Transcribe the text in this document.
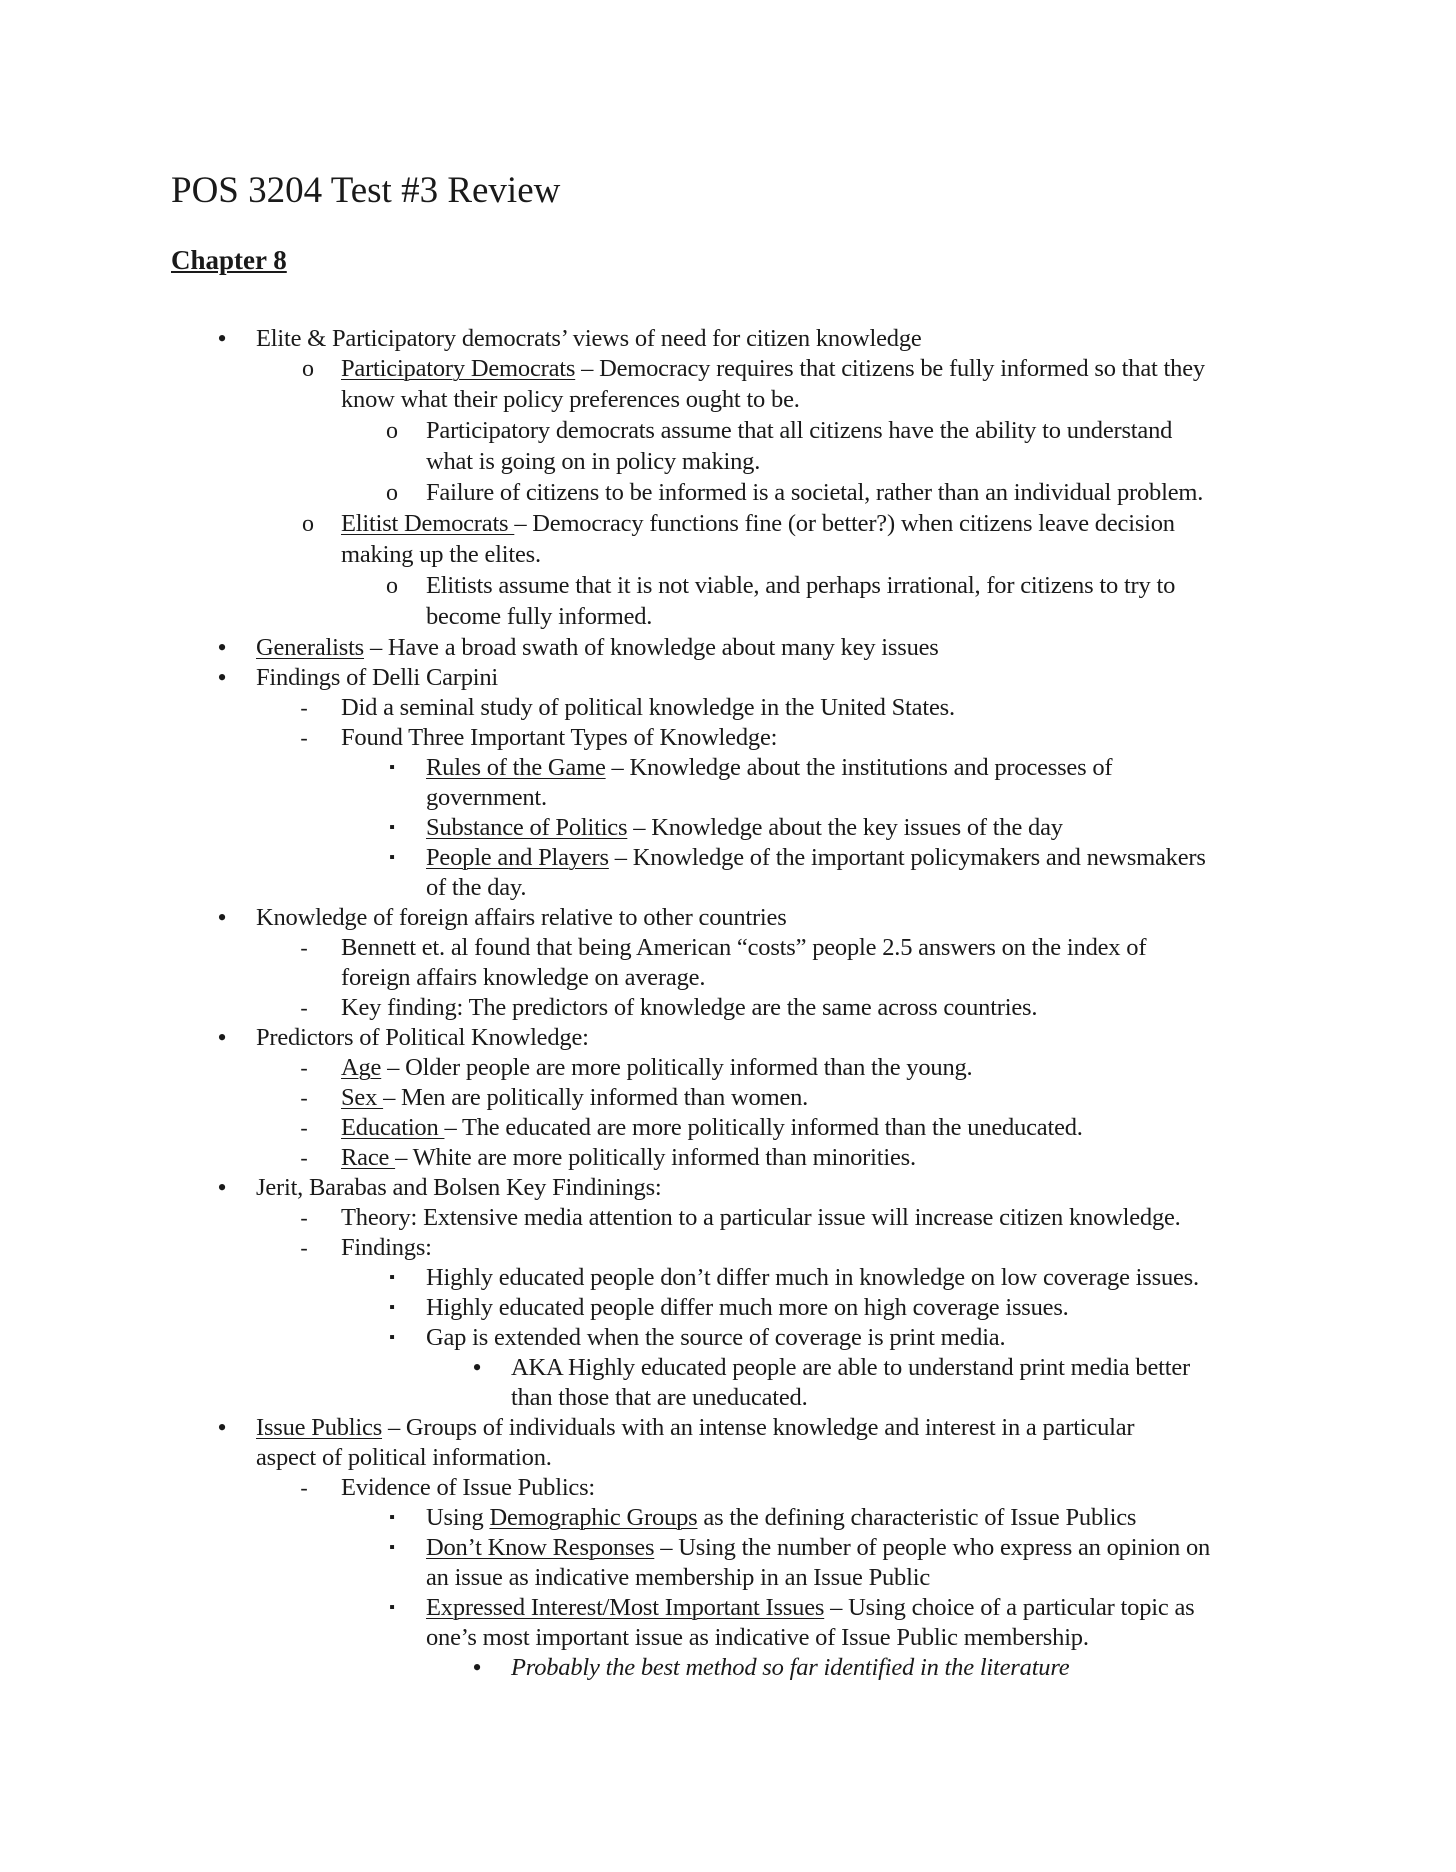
POS 3204 Test #3 Review
Chapter 8
• Elite & Participatory democrats’ views of need for citizen knowledge
o Participatory Democrats – Democracy requires that citizens be fully informed so that they
know what their policy preferences ought to be.
o Participatory democrats assume that all citizens have the ability to understand
what is going on in policy making.
o Failure of citizens to be informed is a societal, rather than an individual problem.
o Elitist Democrats – Democracy functions fine (or better?) when citizens leave decision
making up the elites.
o Elitists assume that it is not viable, and perhaps irrational, for citizens to try to
become fully informed.
• Generalists – Have a broad swath of knowledge about many key issues
• Findings of Delli Carpini
- Did a seminal study of political knowledge in the United States.
- Found Three Important Types of Knowledge:
▪	Rules of the Game – Knowledge about the institutions and processes of
government.
▪	Substance of Politics – Knowledge about the key issues of the day
▪	People and Players – Knowledge of the important policymakers and newsmakers
of the day.
• Knowledge of foreign affairs relative to other countries
- Bennett et. al found that being American “costs” people 2.5 answers on the index of
foreign affairs knowledge on average.
- Key finding: The predictors of knowledge are the same across countries.
• Predictors of Political Knowledge:
- Age – Older people are more politically informed than the young.
- Sex – Men are politically informed than women.
- Education – The educated are more politically informed than the uneducated.
- Race – White are more politically informed than minorities.
• Jerit, Barabas and Bolsen Key Findinings:
- Theory: Extensive media attention to a particular issue will increase citizen knowledge.
- Findings:
▪	Highly educated people don’t differ much in knowledge on low coverage issues.
▪	Highly educated people differ much more on high coverage issues.
▪	Gap is extended when the source of coverage is print media.
• AKA Highly educated people are able to understand print media better
than those that are uneducated.
• Issue Publics – Groups of individuals with an intense knowledge and interest in a particular
aspect of political information.
- Evidence of Issue Publics:
▪	Using Demographic Groups as the defining characteristic of Issue Publics
▪	Don’t Know Responses – Using the number of people who express an opinion on
an issue as indicative membership in an Issue Public
▪	Expressed Interest/Most Important Issues – Using choice of a particular topic as
one’s most important issue as indicative of Issue Public membership.
• Probably the best method so far identified in the literature
